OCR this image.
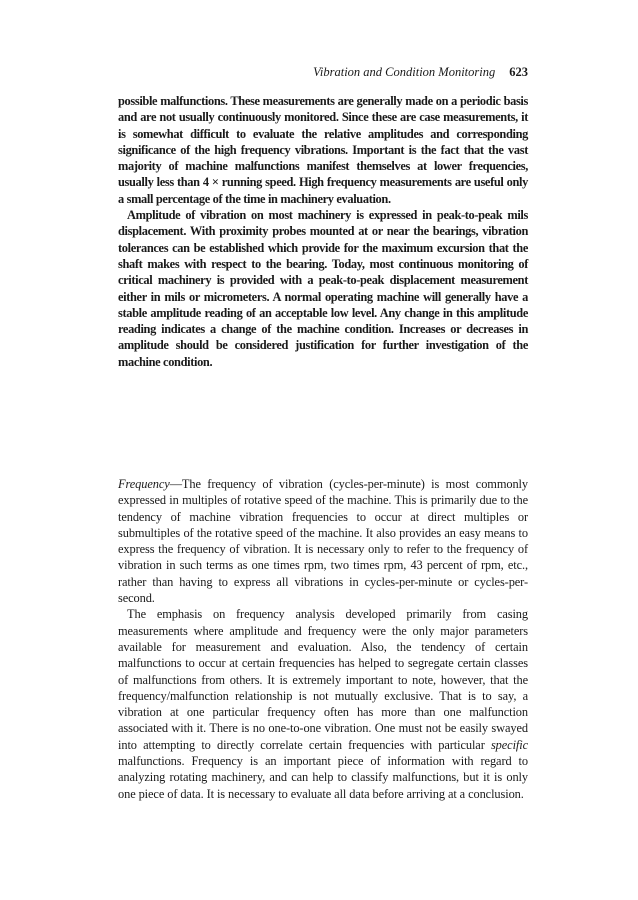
Vibration and Condition Monitoring 623

possible malfunctions. These measurements are generally made on a periodic basis and are not usually continuously monitored. Since these are case measurements, it is somewhat difficult to evaluate the relative amplitudes and corresponding significance of the high frequency vibrations. Important is the fact that the vast majority of machine malfunctions manifest themselves at lower frequencies, usually less than 4 × running speed. High frequency measurements are useful only a small percentage of the time in machinery evaluation.

Amplitude of vibration on most machinery is expressed in peak-to-peak mils displacement. With proximity probes mounted at or near the bearings, vibration tolerances can be established which provide for the maximum excursion that the shaft makes with respect to the bearing. Today, most continuous monitoring of critical machinery is provided with a peak-to-peak displacement measurement either in mils or micrometers. A normal operating machine will generally have a stable amplitude reading of an acceptable low level. Any change in this amplitude reading indicates a change of the machine condition. Increases or decreases in amplitude should be considered justification for further investigation of the machine condition.

Frequency—The frequency of vibration (cycles-per-minute) is most commonly expressed in multiples of rotative speed of the machine. This is primarily due to the tendency of machine vibration frequencies to occur at direct multiples or submultiples of the rotative speed of the machine. It also provides an easy means to express the frequency of vibration. It is necessary only to refer to the frequency of vibration in such terms as one times rpm, two times rpm, 43 percent of rpm, etc., rather than having to express all vibrations in cycles-per-minute or cycles-per-second.

The emphasis on frequency analysis developed primarily from casing measurements where amplitude and frequency were the only major parameters available for measurement and evaluation. Also, the tendency of certain malfunctions to occur at certain frequencies has helped to segregate certain classes of malfunctions from others. It is extremely important to note, however, that the frequency/malfunction relationship is not mutually exclusive. That is to say, a vibration at one particular frequency often has more than one malfunction associated with it. There is no one-to-one vibration. One must not be easily swayed into attempting to directly correlate certain frequencies with particular specific malfunctions. Frequency is an important piece of information with regard to analyzing rotating machinery, and can help to classify malfunctions, but it is only one piece of data. It is necessary to evaluate all data before arriving at a conclusion.
